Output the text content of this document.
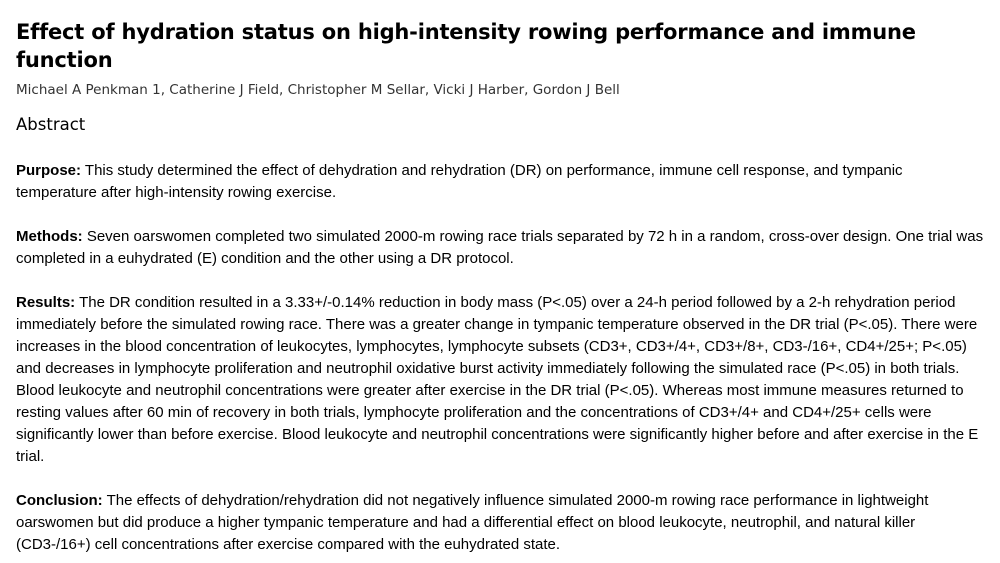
Effect of hydration status on high-intensity rowing performance and immune function
Michael A Penkman 1, Catherine J Field, Christopher M Sellar, Vicki J Harber, Gordon J Bell
Abstract
Purpose: This study determined the effect of dehydration and rehydration (DR) on performance, immune cell response, and tympanic temperature after high-intensity rowing exercise.
Methods: Seven oarswomen completed two simulated 2000-m rowing race trials separated by 72 h in a random, cross-over design. One trial was completed in a euhydrated (E) condition and the other using a DR protocol.
Results: The DR condition resulted in a 3.33+/-0.14% reduction in body mass (P<.05) over a 24-h period followed by a 2-h rehydration period immediately before the simulated rowing race. There was a greater change in tympanic temperature observed in the DR trial (P<.05). There were increases in the blood concentration of leukocytes, lymphocytes, lymphocyte subsets (CD3+, CD3+/4+, CD3+/8+, CD3-/16+, CD4+/25+; P<.05) and decreases in lymphocyte proliferation and neutrophil oxidative burst activity immediately following the simulated race (P<.05) in both trials. Blood leukocyte and neutrophil concentrations were greater after exercise in the DR trial (P<.05). Whereas most immune measures returned to resting values after 60 min of recovery in both trials, lymphocyte proliferation and the concentrations of CD3+/4+ and CD4+/25+ cells were significantly lower than before exercise. Blood leukocyte and neutrophil concentrations were significantly higher before and after exercise in the E trial.
Conclusion: The effects of dehydration/rehydration did not negatively influence simulated 2000-m rowing race performance in lightweight oarswomen but did produce a higher tympanic temperature and had a differential effect on blood leukocyte, neutrophil, and natural killer (CD3-/16+) cell concentrations after exercise compared with the euhydrated state.
